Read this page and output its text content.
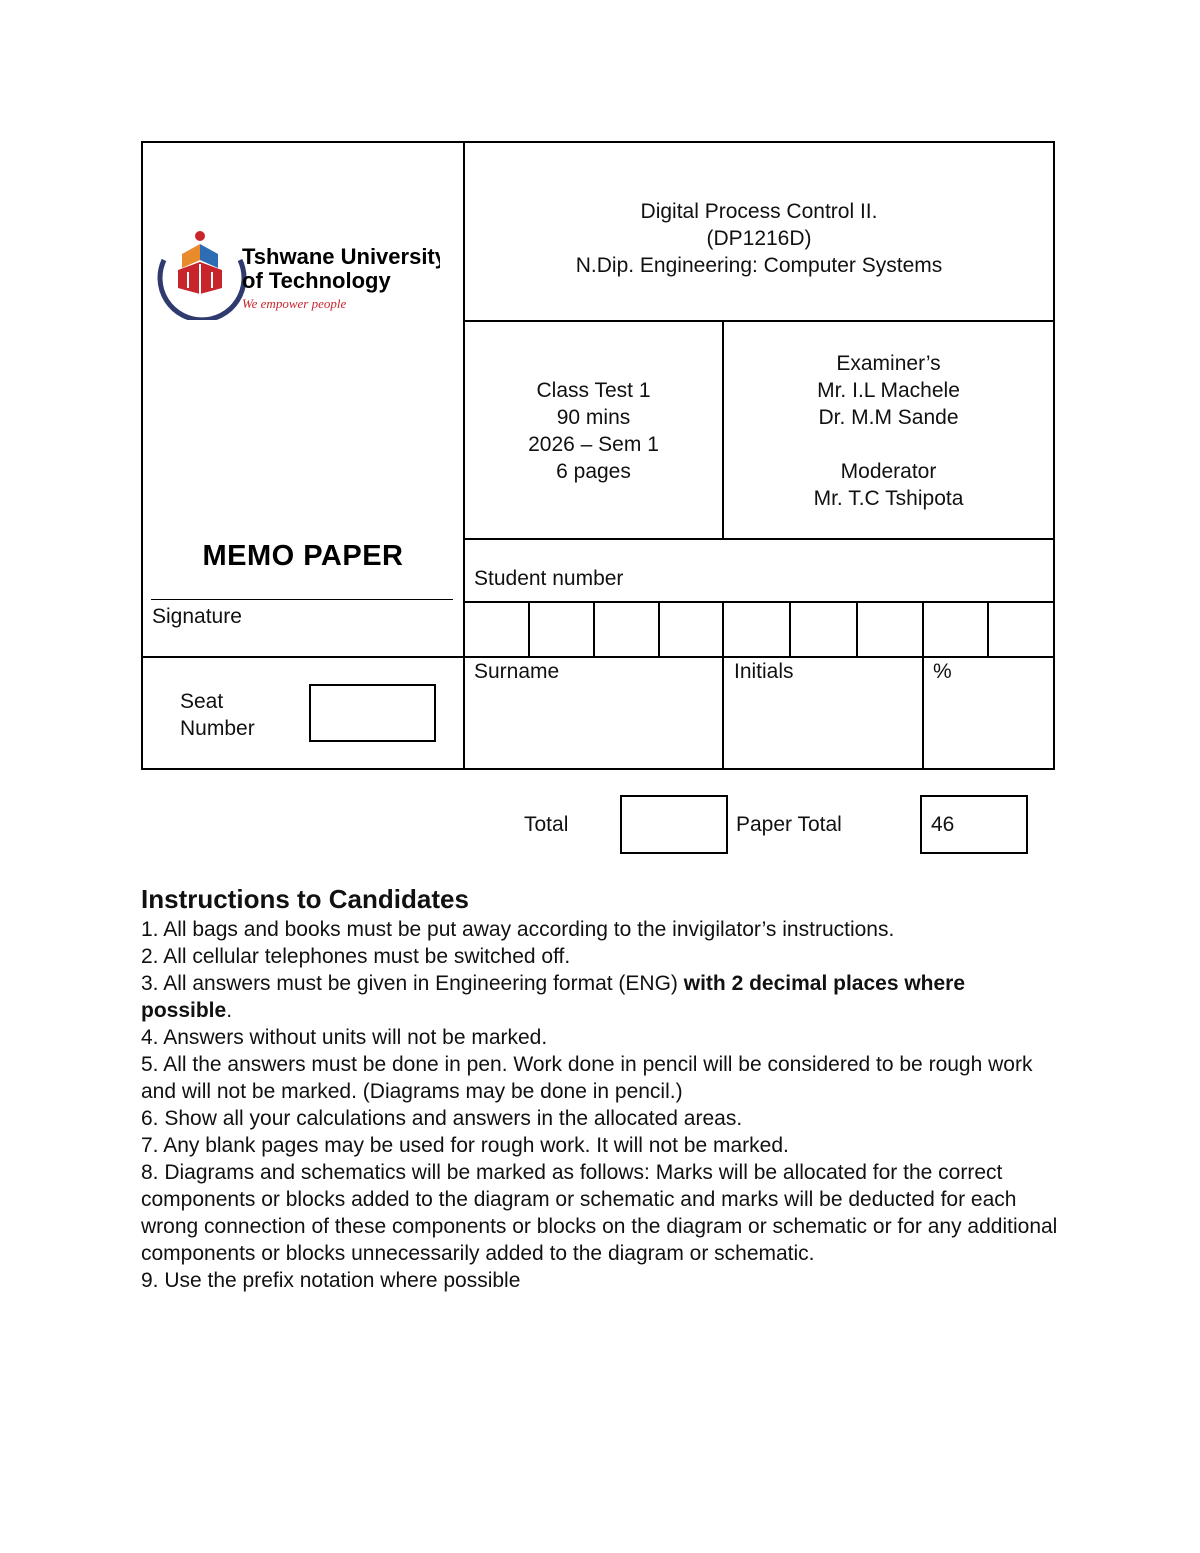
Tshwane University
of Technology
We empower people
Digital Process Control II.
(DP1216D)
N.Dip. Engineering: Computer Systems
Class Test 1
90 mins
2026 – Sem 1
6 pages
Examiner’s
Mr. I.L Machele
Dr. M.M Sande
Moderator
Mr. T.C Tshipota
MEMO PAPER
Signature
Student number
Seat
Number
Surname	Initials	%
Total	Paper Total	46
Instructions to Candidates

1. All bags and books must be put away according to the invigilator’s instructions.

2. All cellular telephones must be switched off.

3. All answers must be given in Engineering format (ENG) with 2 decimal places where possible.

4. Answers without units will not be marked.

5. All the answers must be done in pen. Work done in pencil will be considered to be rough work and will not be marked. (Diagrams may be done in pencil.)

6. Show all your calculations and answers in the allocated areas.

7. Any blank pages may be used for rough work. It will not be marked.

8. Diagrams and schematics will be marked as follows: Marks will be allocated for the correct components or blocks added to the diagram or schematic and marks will be deducted for each wrong connection of these components or blocks on the diagram or schematic or for any additional components or blocks unnecessarily added to the diagram or schematic.

9. Use the prefix notation where possible
